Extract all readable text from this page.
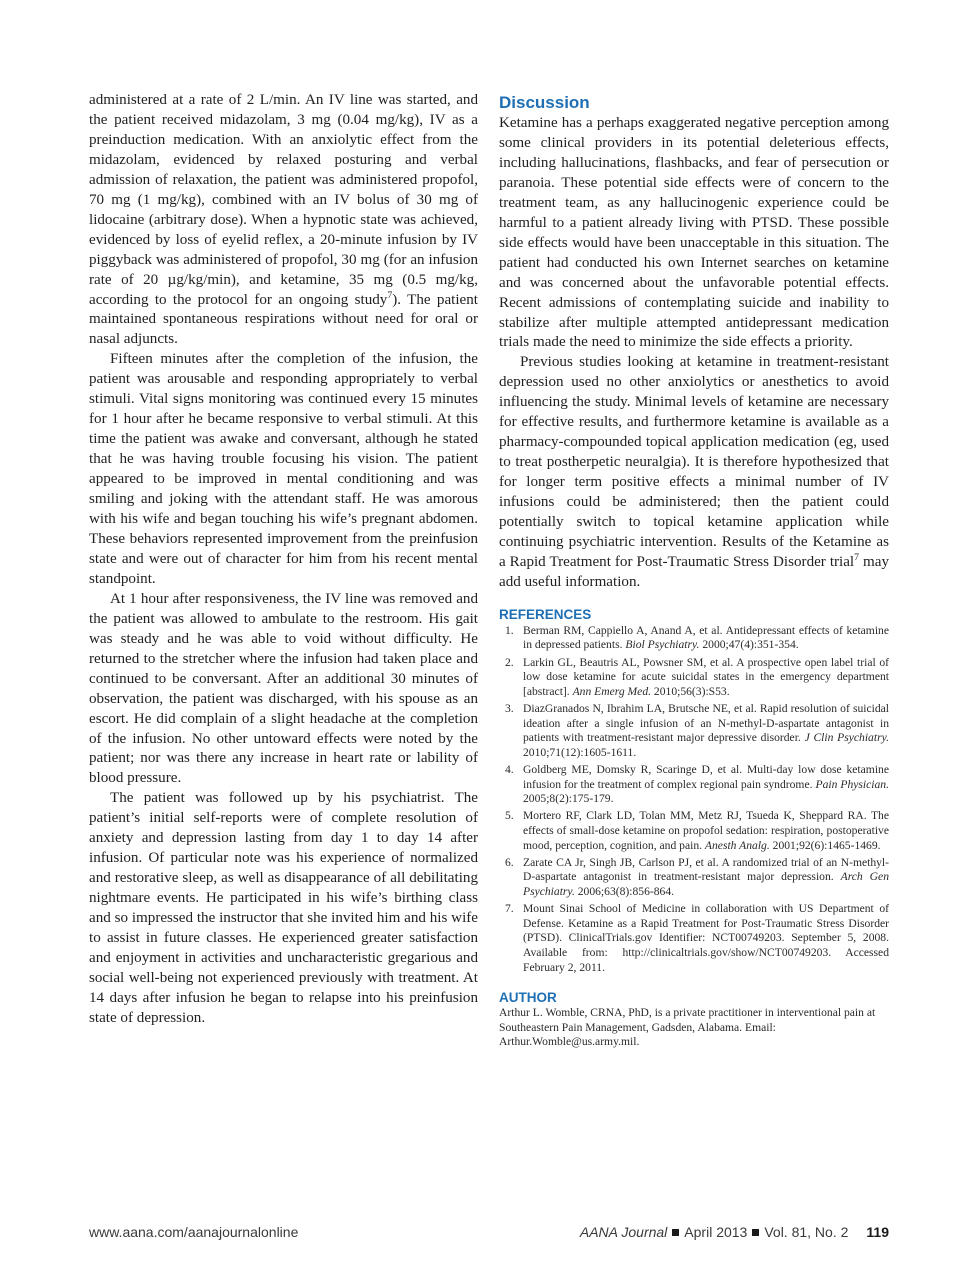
administered at a rate of 2 L/min. An IV line was started, and the patient received midazolam, 3 mg (0.04 mg/kg), IV as a preinduction medication. With an anxiolytic effect from the midazolam, evidenced by relaxed posturing and verbal admission of relaxation, the patient was administered propofol, 70 mg (1 mg/kg), combined with an IV bolus of 30 mg of lidocaine (arbitrary dose). When a hypnotic state was achieved, evidenced by loss of eyelid reflex, a 20-minute infusion by IV piggyback was administered of propofol, 30 mg (for an infusion rate of 20 µg/kg/min), and ketamine, 35 mg (0.5 mg/kg, according to the protocol for an ongoing study$^7$). The patient maintained spontaneous respirations without need for oral or nasal adjuncts.

Fifteen minutes after the completion of the infusion, the patient was arousable and responding appropriately to verbal stimuli. Vital signs monitoring was continued every 15 minutes for 1 hour after he became responsive to verbal stimuli. At this time the patient was awake and conversant, although he stated that he was having trouble focusing his vision. The patient appeared to be improved in mental conditioning and was smiling and joking with the attendant staff. He was amorous with his wife and began touching his wife’s pregnant abdomen. These behaviors represented improvement from the preinfusion state and were out of character for him from his recent mental standpoint.

At 1 hour after responsiveness, the IV line was removed and the patient was allowed to ambulate to the restroom. His gait was steady and he was able to void without difficulty. He returned to the stretcher where the infusion had taken place and continued to be conversant. After an additional 30 minutes of observation, the patient was discharged, with his spouse as an escort. He did complain of a slight headache at the completion of the infusion. No other untoward effects were noted by the patient; nor was there any increase in heart rate or lability of blood pressure.

The patient was followed up by his psychiatrist. The patient’s initial self-reports were of complete resolution of anxiety and depression lasting from day 1 to day 14 after infusion. Of particular note was his experience of normalized and restorative sleep, as well as disappearance of all debilitating nightmare events. He participated in his wife’s birthing class and so impressed the instructor that she invited him and his wife to assist in future classes. He experienced greater satisfaction and enjoyment in activities and uncharacteristic gregarious and social well-being not experienced previously with treatment. At 14 days after infusion he began to relapse into his preinfusion state of depression.

Discussion

Ketamine has a perhaps exaggerated negative perception among some clinical providers in its potential deleterious effects, including hallucinations, flashbacks, and fear of persecution or paranoia. These potential side effects were of concern to the treatment team, as any hallucinogenic experience could be harmful to a patient already living with PTSD. These possible side effects would have been unacceptable in this situation. The patient had conducted his own Internet searches on ketamine and was concerned about the unfavorable potential effects. Recent admissions of contemplating suicide and inability to stabilize after multiple attempted antidepressant medication trials made the need to minimize the side effects a priority.

Previous studies looking at ketamine in treatment-resistant depression used no other anxiolytics or anesthetics to avoid influencing the study. Minimal levels of ketamine are necessary for effective results, and furthermore ketamine is available as a pharmacy-compounded topical application medication (eg, used to treat postherpetic neuralgia). It is therefore hypothesized that for longer term positive effects a minimal number of IV infusions could be administered; then the patient could potentially switch to topical ketamine application while continuing psychiatric intervention. Results of the Ketamine as a Rapid Treatment for Post-Traumatic Stress Disorder trial$^7$ may add useful information.

REFERENCES
1. Berman RM, Cappiello A, Anand A, et al. Antidepressant effects of ketamine in depressed patients. Biol Psychiatry. 2000;47(4):351-354.
2. Larkin GL, Beautris AL, Powsner SM, et al. A prospective open label trial of low dose ketamine for acute suicidal states in the emergency department [abstract]. Ann Emerg Med. 2010;56(3):S53.
3. DiazGranados N, Ibrahim LA, Brutsche NE, et al. Rapid resolution of suicidal ideation after a single infusion of an N-methyl-D-aspartate antagonist in patients with treatment-resistant major depressive disorder. J Clin Psychiatry. 2010;71(12):1605-1611.
4. Goldberg ME, Domsky R, Scaringe D, et al. Multi-day low dose ketamine infusion for the treatment of complex regional pain syndrome. Pain Physician. 2005;8(2):175-179.
5. Mortero RF, Clark LD, Tolan MM, Metz RJ, Tsueda K, Sheppard RA. The effects of small-dose ketamine on propofol sedation: respiration, postoperative mood, perception, cognition, and pain. Anesth Analg. 2001;92(6):1465-1469.
6. Zarate CA Jr, Singh JB, Carlson PJ, et al. A randomized trial of an N-methyl-D-aspartate antagonist in treatment-resistant major depression. Arch Gen Psychiatry. 2006;63(8):856-864.
7. Mount Sinai School of Medicine in collaboration with US Department of Defense. Ketamine as a Rapid Treatment for Post-Traumatic Stress Disorder (PTSD). ClinicalTrials.gov Identifier: NCT00749203. September 5, 2008. Available from: http://clinicaltrials.gov/show/NCT00749203. Accessed February 2, 2011.
AUTHOR

Arthur L. Womble, CRNA, PhD, is a private practitioner in interventional pain at Southeastern Pain Management, Gadsden, Alabama. Email: Arthur.Womble@us.army.mil.

www.aana.com/aanajournalonline	AANA Journal April 2013 Vol. 81, No. 2 119
